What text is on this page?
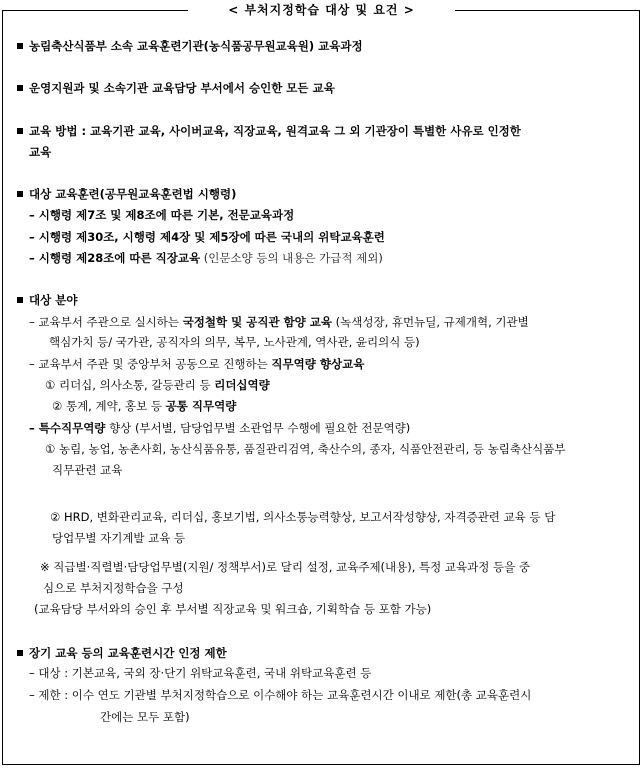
< 부처지정학습 대상 및 요건 >
농림축산식품부 소속 교육훈련기관(농식품공무원교육원) 교육과정
운영지원과 및 소속기관 교육담당 부서에서 승인한 모든 교육
교육 방법 : 교육기관 교육, 사이버교육, 직장교육, 원격교육 그 외 기관장이 특별한 사유로 인정한
교육
대상 교육훈련(공무원교육훈련법 시행령)
– 시행령 제7조 및 제8조에 따른 기본, 전문교육과정
– 시행령 제30조, 시행령 제4장 및 제5장에 따른 국내의 위탁교육훈련
– 시행령 제28조에 따른 직장교육 (인문소양 등의 내용은 가급적 제외)
대상 분야
– 교육부서 주관으로 실시하는 국정철학 및 공직관 함양 교육 (녹색성장, 휴먼뉴딜, 규제개혁, 기관별
핵심가치 등/ 국가관, 공직자의 의무, 복무, 노사관계, 역사관, 윤리의식 등)
– 교육부서 주관 및 중앙부처 공동으로 진행하는 직무역량 향상교육
① 리더십, 의사소통, 갈등관리 등 리더십역량
② 통계, 계약, 홍보 등 공통 직무역량
– 특수직무역량 향상 (부서별, 담당업무별 소관업무 수행에 필요한 전문역량)
① 농림, 농업, 농촌사회, 농산식품유통, 품질관리검역, 축산수의, 종자, 식품안전관리, 등 농림축산식품부
직무관련 교육
② HRD, 변화관리교육, 리더십, 홍보기법, 의사소통능력향상, 보고서작성향상, 자격증관련 교육 등 담
당업무별 자기계발 교육 등
※ 직급별·직렬별·담당업무별(지원/ 정책부서)로 달리 설정, 교육주제(내용), 특정 교육과정 등을 중
심으로 부처지정학습을 구성
(교육담당 부서와의 승인 후 부서별 직장교육 및 워크숍, 기획학습 등 포함 가능)
장기 교육 등의 교육훈련시간 인정 제한
– 대상 : 기본교육, 국외 장·단기 위탁교육훈련, 국내 위탁교육훈련 등
– 제한 : 이수 연도 기관별 부처지정학습으로 이수해야 하는 교육훈련시간 이내로 제한(총 교육훈련시
간에는 모두 포함)
